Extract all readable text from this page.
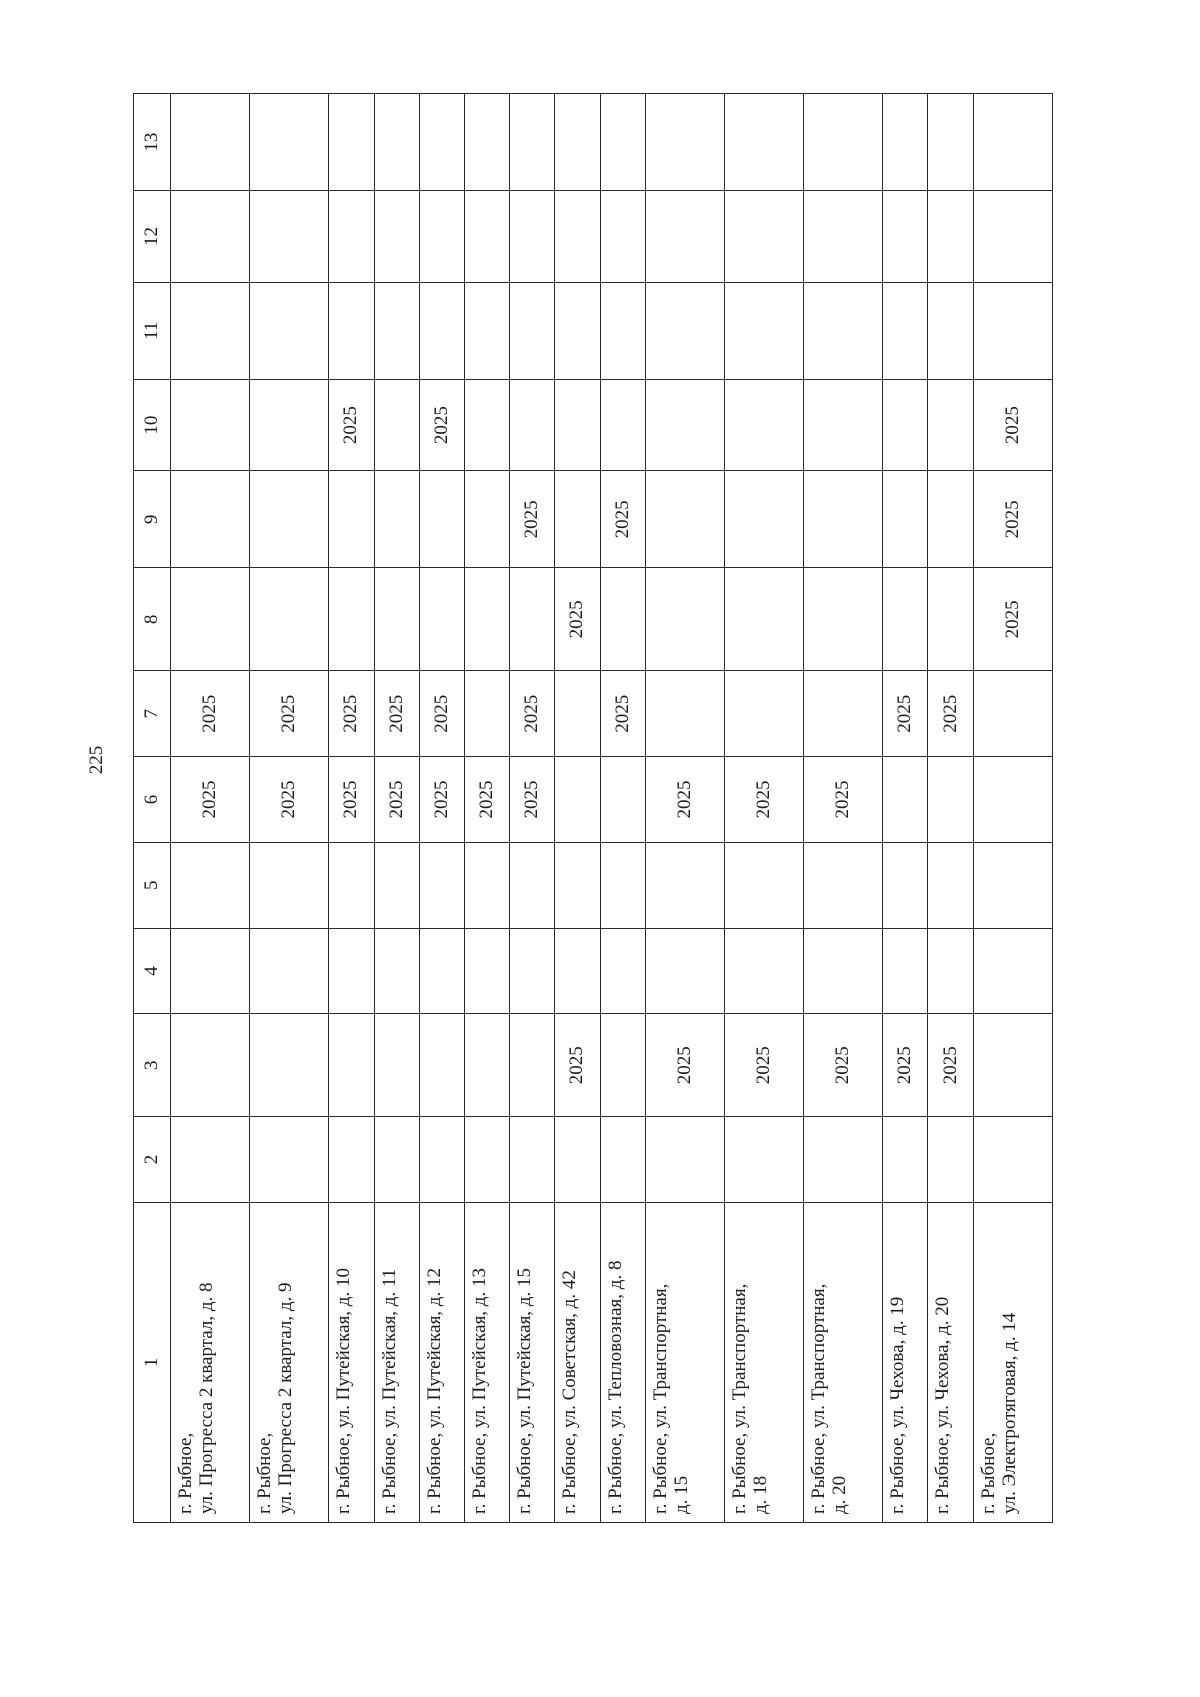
225
1	2	3	4	5	6	7	8	9	10	11	12	13

г. Рыбное, ул. Прогресса 2 квартал, д. 8					2025	2025						

г. Рыбное, ул. Прогресса 2 квартал, д. 9					2025	2025						

г. Рыбное, ул. Путейская, д. 10					2025	2025			2025			

г. Рыбное, ул. Путейская, д. 11					2025	2025						

г. Рыбное, ул. Путейская, д. 12					2025	2025			2025			

г. Рыбное, ул. Путейская, д. 13					2025							

г. Рыбное, ул. Путейская, д. 15					2025	2025		2025				

г. Рыбное, ул. Советская, д. 42		2025					2025					

г. Рыбное, ул. Тепловозная, д. 8						2025		2025				

г. Рыбное, ул. Транспортная, д. 15		2025			2025							

г. Рыбное, ул. Транспортная, д. 18		2025			2025							

г. Рыбное, ул. Транспортная, д. 20		2025			2025							

г. Рыбное, ул. Чехова, д. 19		2025				2025						

г. Рыбное, ул. Чехова, д. 20		2025				2025						

г. Рыбное, ул. Электротяговая, д. 14							2025	2025	2025			
